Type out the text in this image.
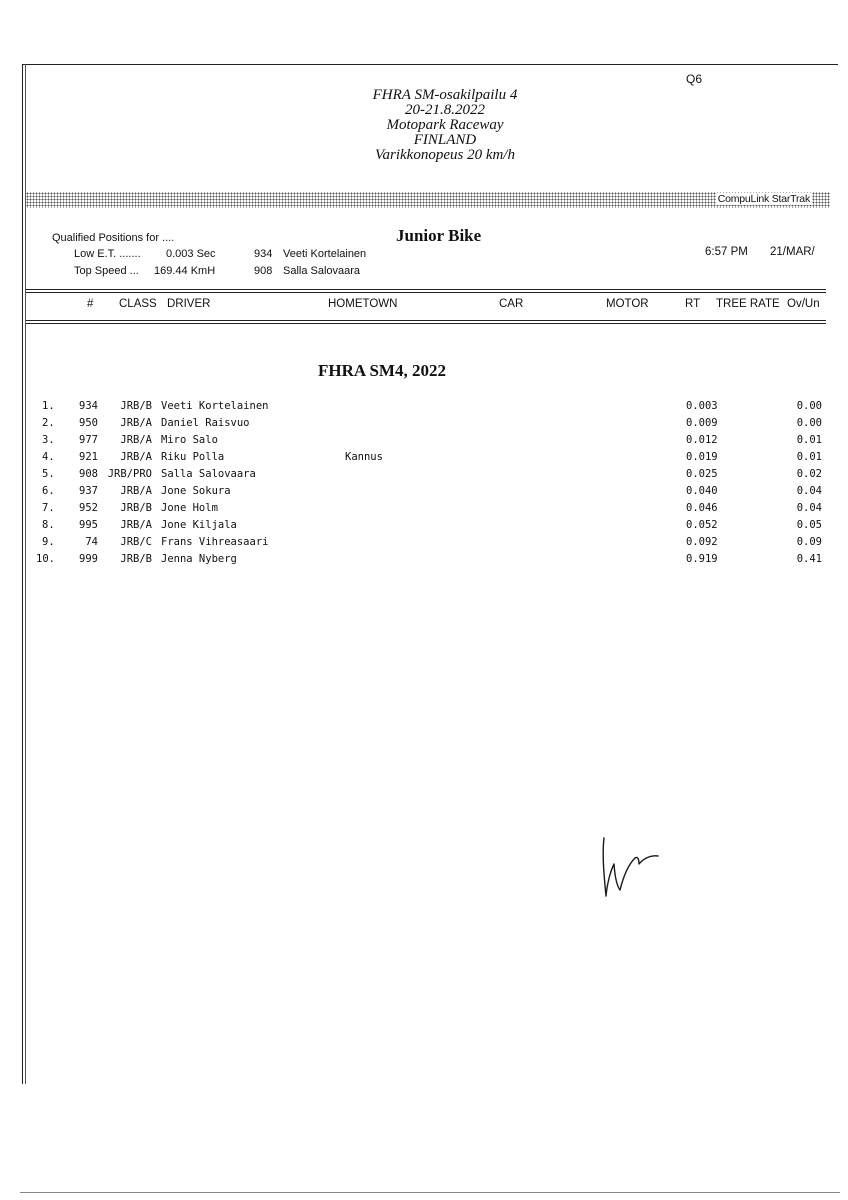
Q6
FHRA SM-osakilpailu 4
20-21.8.2022
Motopark Raceway
FINLAND
Varikkonopeus 20 km/h
CompuLink StarTrak
Qualified Positions for ....
Low E.T. ....... 0.003 Sec	934 Veeti Kortelainen
Top Speed ... 169.44 KmH	908 Salla Salovaara
Junior Bike
6:57 PM 21/MAR/
# CLASS DRIVER	HOMETOWN	CAR	MOTOR	RT TREE RATE Ov/Un
FHRA SM4, 2022
1.	934	JRB/B Veeti Kortelainen	0.003	0.00
2.	950	JRB/A Daniel Raisvuo	0.009	0.00
3.	977	JRB/A Miro Salo	0.012	0.01
4.	921	JRB/A Riku Polla	Kannus	0.019	0.01
5.	908 JRB/PRO Salla Salovaara	0.025	0.02
6.	937	JRB/A Jone Sokura	0.040	0.04
7.	952	JRB/B Jone Holm	0.046	0.04
8.	995	JRB/A Jone Kiljala	0.052	0.05
9.	74	JRB/C Frans Vihreasaari	0.092	0.09
10.	999	JRB/B Jenna Nyberg	0.919	0.41
